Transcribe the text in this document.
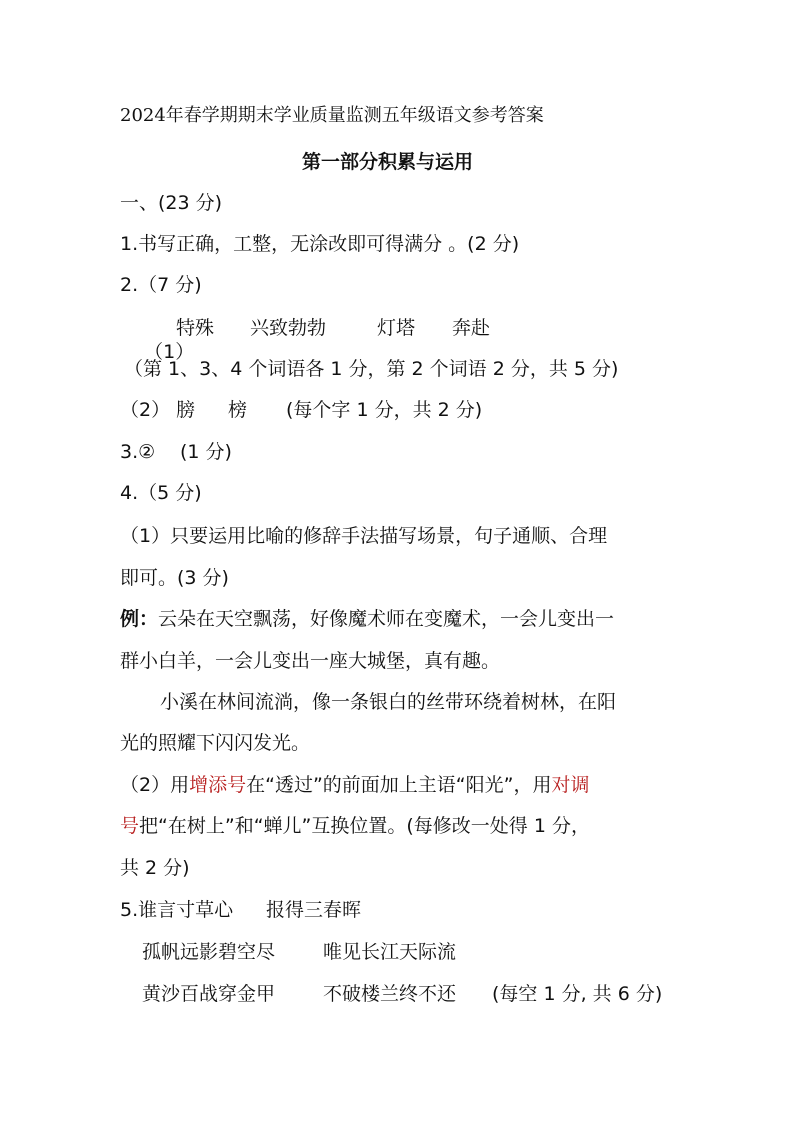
2024年春学期期末学业质量监测五年级语文参考答案
第一部分积累与运用
一、(23 分)
1.书写正确，工整，无涂改即可得满分 。(2 分)
2.（7 分)

（1）

特殊 兴致勃勃	灯塔 奔赴
（第 1、3、4 个词语各 1 分，第 2 个词语 2 分，共 5 分)
（2） 膀 榜 (每个字 1 分，共 2 分)
3.② (1 分)
4.（5 分)
（1）只要运用比喻的修辞手法描写场景，句子通顺、合理
即可。(3 分)
例：云朵在天空飘荡，好像魔术师在变魔术，一会儿变出一
群小白羊，一会儿变出一座大城堡，真有趣。
小溪在林间流淌，像一条银白的丝带环绕着树林，在阳
光的照耀下闪闪发光。
（2）用增添号在“透过”的前面加上主语“阳光”，用对调
号把“在树上”和“蝉儿”互换位置。(每修改一处得 1 分，
共 2 分)
5.谁言寸草心 报得三春晖
孤帆远影碧空尽	唯见长江天际流
黄沙百战穿金甲	不破楼兰终不还 (每空 1 分, 共 6 分)
